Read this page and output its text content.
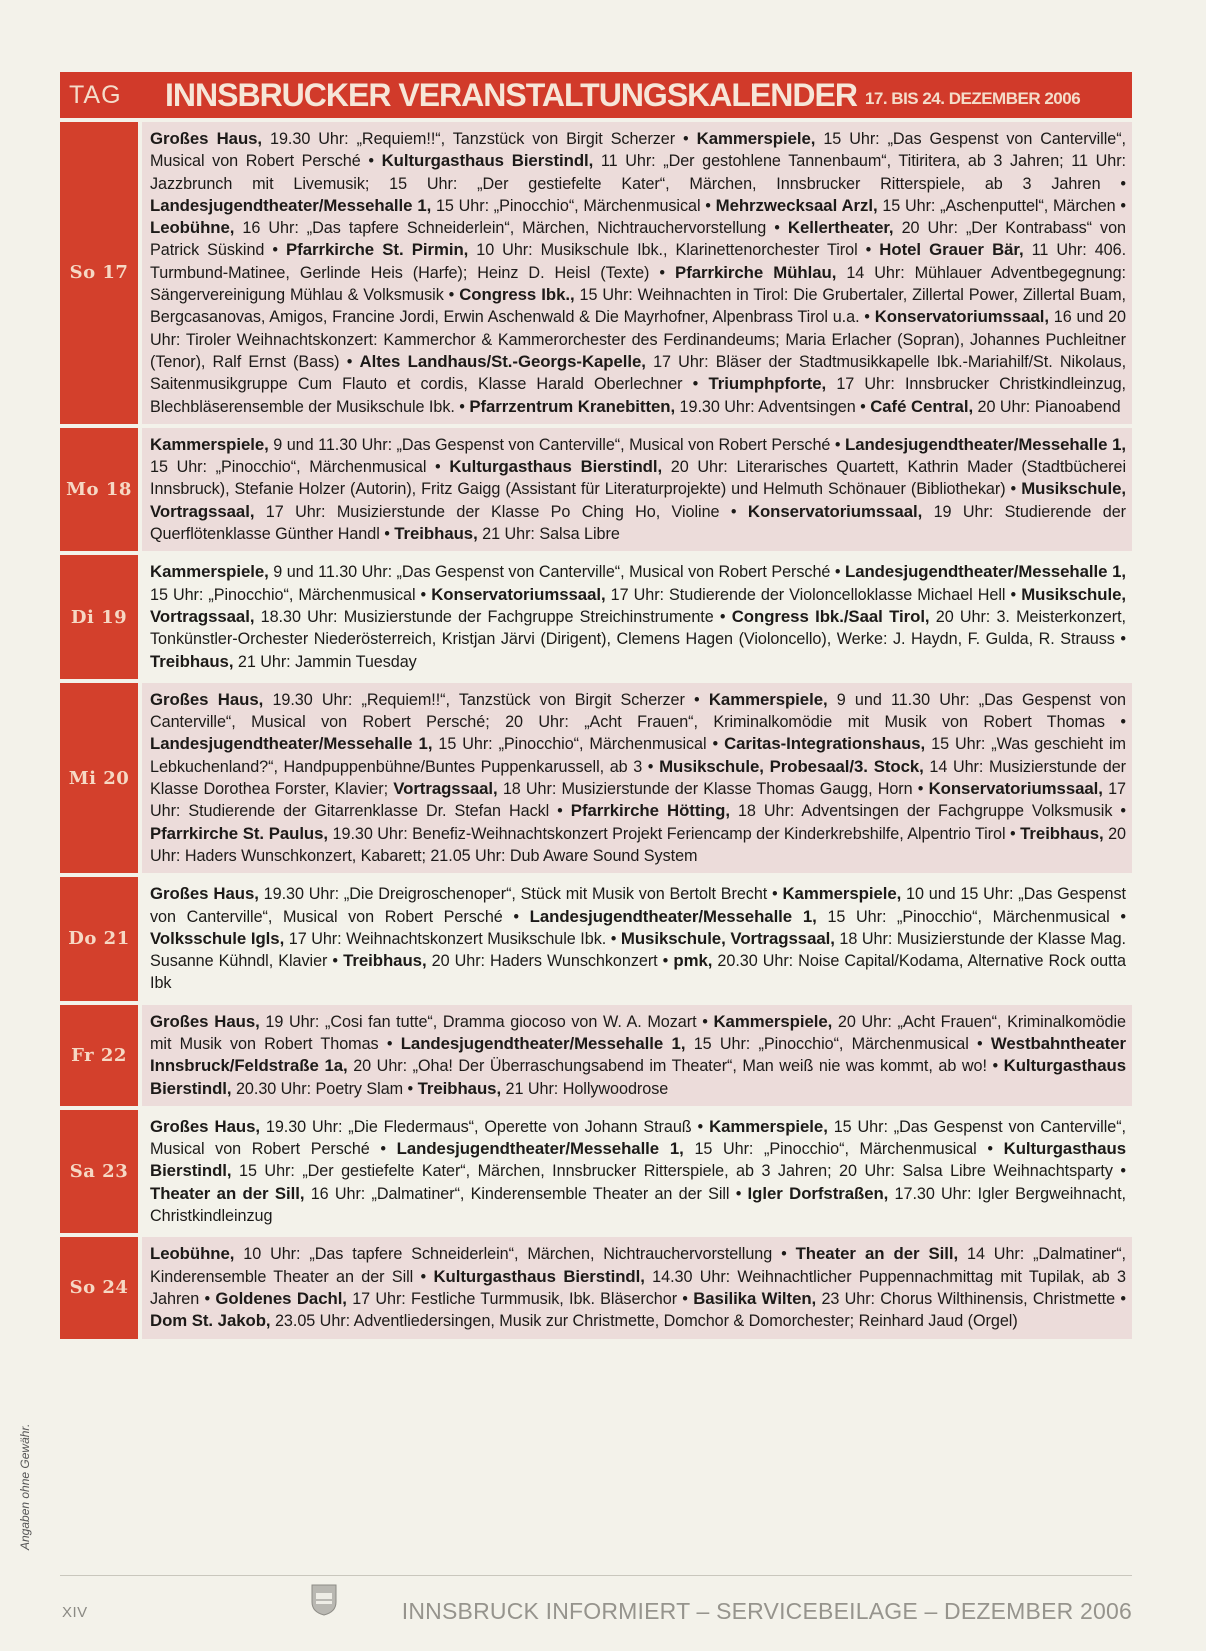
TAG	INNSBRUCKER VERANSTALTUNGSKALENDER 17. BIS 24. DEZEMBER 2006
So 17
Großes Haus, 19.30 Uhr: „Requiem!!“, Tanzstück von Birgit Scherzer • Kammerspiele, 15 Uhr: „Das Gespenst von Canterville“, Musical von Robert Persché • Kulturgasthaus Bierstindl, 11 Uhr: „Der gestohlene Tannenbaum“, Titiritera, ab 3 Jahren; 11 Uhr: Jazzbrunch mit Livemusik; 15 Uhr: „Der gestiefelte Kater“, Märchen, Innsbrucker Ritterspiele, ab 3 Jahren • Landesjugendtheater/Messehalle 1, 15 Uhr: „Pinocchio“, Märchenmusical • Mehrzwecksaal Arzl, 15 Uhr: „Aschenputtel“, Märchen • Leobühne, 16 Uhr: „Das tapfere Schneiderlein“, Märchen, Nichtrauchervorstellung • Kellertheater, 20 Uhr: „Der Kontrabass“ von Patrick Süskind • Pfarrkirche St. Pirmin, 10 Uhr: Musikschule Ibk., Klarinettenorchester Tirol • Hotel Grauer Bär, 11 Uhr: 406. Turmbund-Matinee, Gerlinde Heis (Harfe); Heinz D. Heisl (Texte) • Pfarrkirche Mühlau, 14 Uhr: Mühlauer Adventbegegnung: Sängervereinigung Mühlau & Volksmusik • Congress Ibk., 15 Uhr: Weihnachten in Tirol: Die Grubertaler, Zillertal Power, Zillertal Buam, Bergcasanovas, Amigos, Francine Jordi, Erwin Aschenwald & Die Mayrhofner, Alpenbrass Tirol u.a. • Konservatoriumssaal, 16 und 20 Uhr: Tiroler Weihnachtskonzert: Kammerchor & Kammerorchester des Ferdinandeums; Maria Erlacher (Sopran), Johannes Puchleitner (Tenor), Ralf Ernst (Bass) • Altes Landhaus/St.-Georgs-Kapelle, 17 Uhr: Bläser der Stadtmusikkapelle Ibk.-Mariahilf/St. Nikolaus, Saitenmusikgruppe Cum Flauto et cordis, Klasse Harald Oberlechner • Triumphpforte, 17 Uhr: Innsbrucker Christkindleinzug, Blechbläserensemble der Musikschule Ibk. • Pfarrzentrum Kranebitten, 19.30 Uhr: Adventsingen • Café Central, 20 Uhr: Pianoabend
Mo 18
Kammerspiele, 9 und 11.30 Uhr: „Das Gespenst von Canterville“, Musical von Robert Persché • Landesjugendtheater/Messehalle 1, 15 Uhr: „Pinocchio“, Märchenmusical • Kulturgasthaus Bierstindl, 20 Uhr: Literarisches Quartett, Kathrin Mader (Stadtbücherei Innsbruck), Stefanie Holzer (Autorin), Fritz Gaigg (Assistant für Literaturprojekte) und Helmuth Schönauer (Bibliothekar) • Musikschule, Vortragssaal, 17 Uhr: Musizierstunde der Klasse Po Ching Ho, Violine • Konservatoriumssaal, 19 Uhr: Studierende der Querflötenklasse Günther Handl • Treibhaus, 21 Uhr: Salsa Libre
Di 19
Kammerspiele, 9 und 11.30 Uhr: „Das Gespenst von Canterville“, Musical von Robert Persché • Landesjugendtheater/Messehalle 1, 15 Uhr: „Pinocchio“, Märchenmusical • Konservatoriumssaal, 17 Uhr: Studierende der Violoncelloklasse Michael Hell • Musikschule, Vortragssaal, 18.30 Uhr: Musizierstunde der Fachgruppe Streichinstrumente • Congress Ibk./Saal Tirol, 20 Uhr: 3. Meisterkonzert, Tonkünstler-Orchester Niederösterreich, Kristjan Järvi (Dirigent), Clemens Hagen (Violoncello), Werke: J. Haydn, F. Gulda, R. Strauss • Treibhaus, 21 Uhr: Jammin Tuesday
Mi 20
Großes Haus, 19.30 Uhr: „Requiem!!“, Tanzstück von Birgit Scherzer • Kammerspiele, 9 und 11.30 Uhr: „Das Gespenst von Canterville“, Musical von Robert Persché; 20 Uhr: „Acht Frauen“, Kriminalkomödie mit Musik von Robert Thomas • Landesjugendtheater/Messehalle 1, 15 Uhr: „Pinocchio“, Märchenmusical • Caritas-Integrationshaus, 15 Uhr: „Was geschieht im Lebkuchenland?“, Handpuppenbühne/Buntes Puppenkarussell, ab 3 • Musikschule, Probesaal/3. Stock, 14 Uhr: Musizierstunde der Klasse Dorothea Forster, Klavier; Vortragssaal, 18 Uhr: Musizierstunde der Klasse Thomas Gaugg, Horn • Konservatoriumssaal, 17 Uhr: Studierende der Gitarrenklasse Dr. Stefan Hackl • Pfarrkirche Hötting, 18 Uhr: Adventsingen der Fachgruppe Volksmusik • Pfarrkirche St. Paulus, 19.30 Uhr: Benefiz-Weihnachtskonzert Projekt Feriencamp der Kinderkrebshilfe, Alpentrio Tirol • Treibhaus, 20 Uhr: Haders Wunschkonzert, Kabarett; 21.05 Uhr: Dub Aware Sound System
Do 21
Großes Haus, 19.30 Uhr: „Die Dreigroschenoper“, Stück mit Musik von Bertolt Brecht • Kammerspiele, 10 und 15 Uhr: „Das Gespenst von Canterville“, Musical von Robert Persché • Landesjugendtheater/Messehalle 1, 15 Uhr: „Pinocchio“, Märchenmusical • Volksschule Igls, 17 Uhr: Weihnachtskonzert Musikschule Ibk. • Musikschule, Vortragssaal, 18 Uhr: Musizierstunde der Klasse Mag. Susanne Kühndl, Klavier • Treibhaus, 20 Uhr: Haders Wunschkonzert • pmk, 20.30 Uhr: Noise Capital/Kodama, Alternative Rock outta Ibk
Fr 22
Großes Haus, 19 Uhr: „Cosi fan tutte“, Dramma giocoso von W. A. Mozart • Kammerspiele, 20 Uhr: „Acht Frauen“, Kriminalkomödie mit Musik von Robert Thomas • Landesjugendtheater/Messehalle 1, 15 Uhr: „Pinocchio“, Märchenmusical • Westbahntheater Innsbruck/Feldstraße 1a, 20 Uhr: „Oha! Der Überraschungsabend im Theater“, Man weiß nie was kommt, ab wo! • Kulturgasthaus Bierstindl, 20.30 Uhr: Poetry Slam • Treibhaus, 21 Uhr: Hollywoodrose
Sa 23
Großes Haus, 19.30 Uhr: „Die Fledermaus“, Operette von Johann Strauß • Kammerspiele, 15 Uhr: „Das Gespenst von Canterville“, Musical von Robert Persché • Landesjugendtheater/Messehalle 1, 15 Uhr: „Pinocchio“, Märchenmusical • Kulturgasthaus Bierstindl, 15 Uhr: „Der gestiefelte Kater“, Märchen, Innsbrucker Ritterspiele, ab 3 Jahren; 20 Uhr: Salsa Libre Weihnachtsparty • Theater an der Sill, 16 Uhr: „Dalmatiner“, Kinderensemble Theater an der Sill • Igler Dorfstraßen, 17.30 Uhr: Igler Bergweihnacht, Christkindleinzug
So 24
Leobühne, 10 Uhr: „Das tapfere Schneiderlein“, Märchen, Nichtrauchervorstellung • Theater an der Sill, 14 Uhr: „Dalmatiner“, Kinderensemble Theater an der Sill • Kulturgasthaus Bierstindl, 14.30 Uhr: Weihnachtlicher Puppennachmittag mit Tupilak, ab 3 Jahren • Goldenes Dachl, 17 Uhr: Festliche Turmmusik, Ibk. Bläserchor • Basilika Wilten, 23 Uhr: Chorus Wilthinensis, Christmette • Dom St. Jakob, 23.05 Uhr: Adventliedersingen, Musik zur Christmette, Domchor & Domorchester; Reinhard Jaud (Orgel)
Angaben ohne Gewähr.
XIV	INNSBRUCK INFORMIERT – SERVICEBEILAGE – DEZEMBER 2006
